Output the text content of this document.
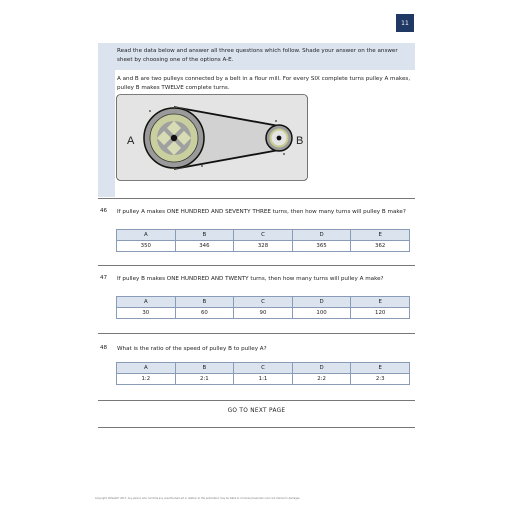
11
Read the data below and answer all three questions which follow. Shade your answer on the answer sheet by choosing one of the options A-E.
A and B are two pulleys connected by a belt in a flour mill. For every SIX complete turns pulley A makes, pulley B makes TWELVE complete turns.
A	B
46 If pulley A makes ONE HUNDRED AND SEVENTY THREE turns, then how many turns will pulley B make?
A	B	C	D	E
350	346	328	365	362
47 If pulley B makes ONE HUNDRED AND TWENTY turns, then how many turns will pulley A make?
A	B	C	D	E
30	60	90	100	120
48 What is the ratio of the speed of pulley B to pulley A?
A	B	C	D	E
1:2	2:1	1:1	2:2	2:3
GO TO NEXT PAGE
Copyright 11PlusDIY 2017. Any person who commits any unauthorised act in relation to this publication may be liable to criminal prosecution and civil claims for damages.
